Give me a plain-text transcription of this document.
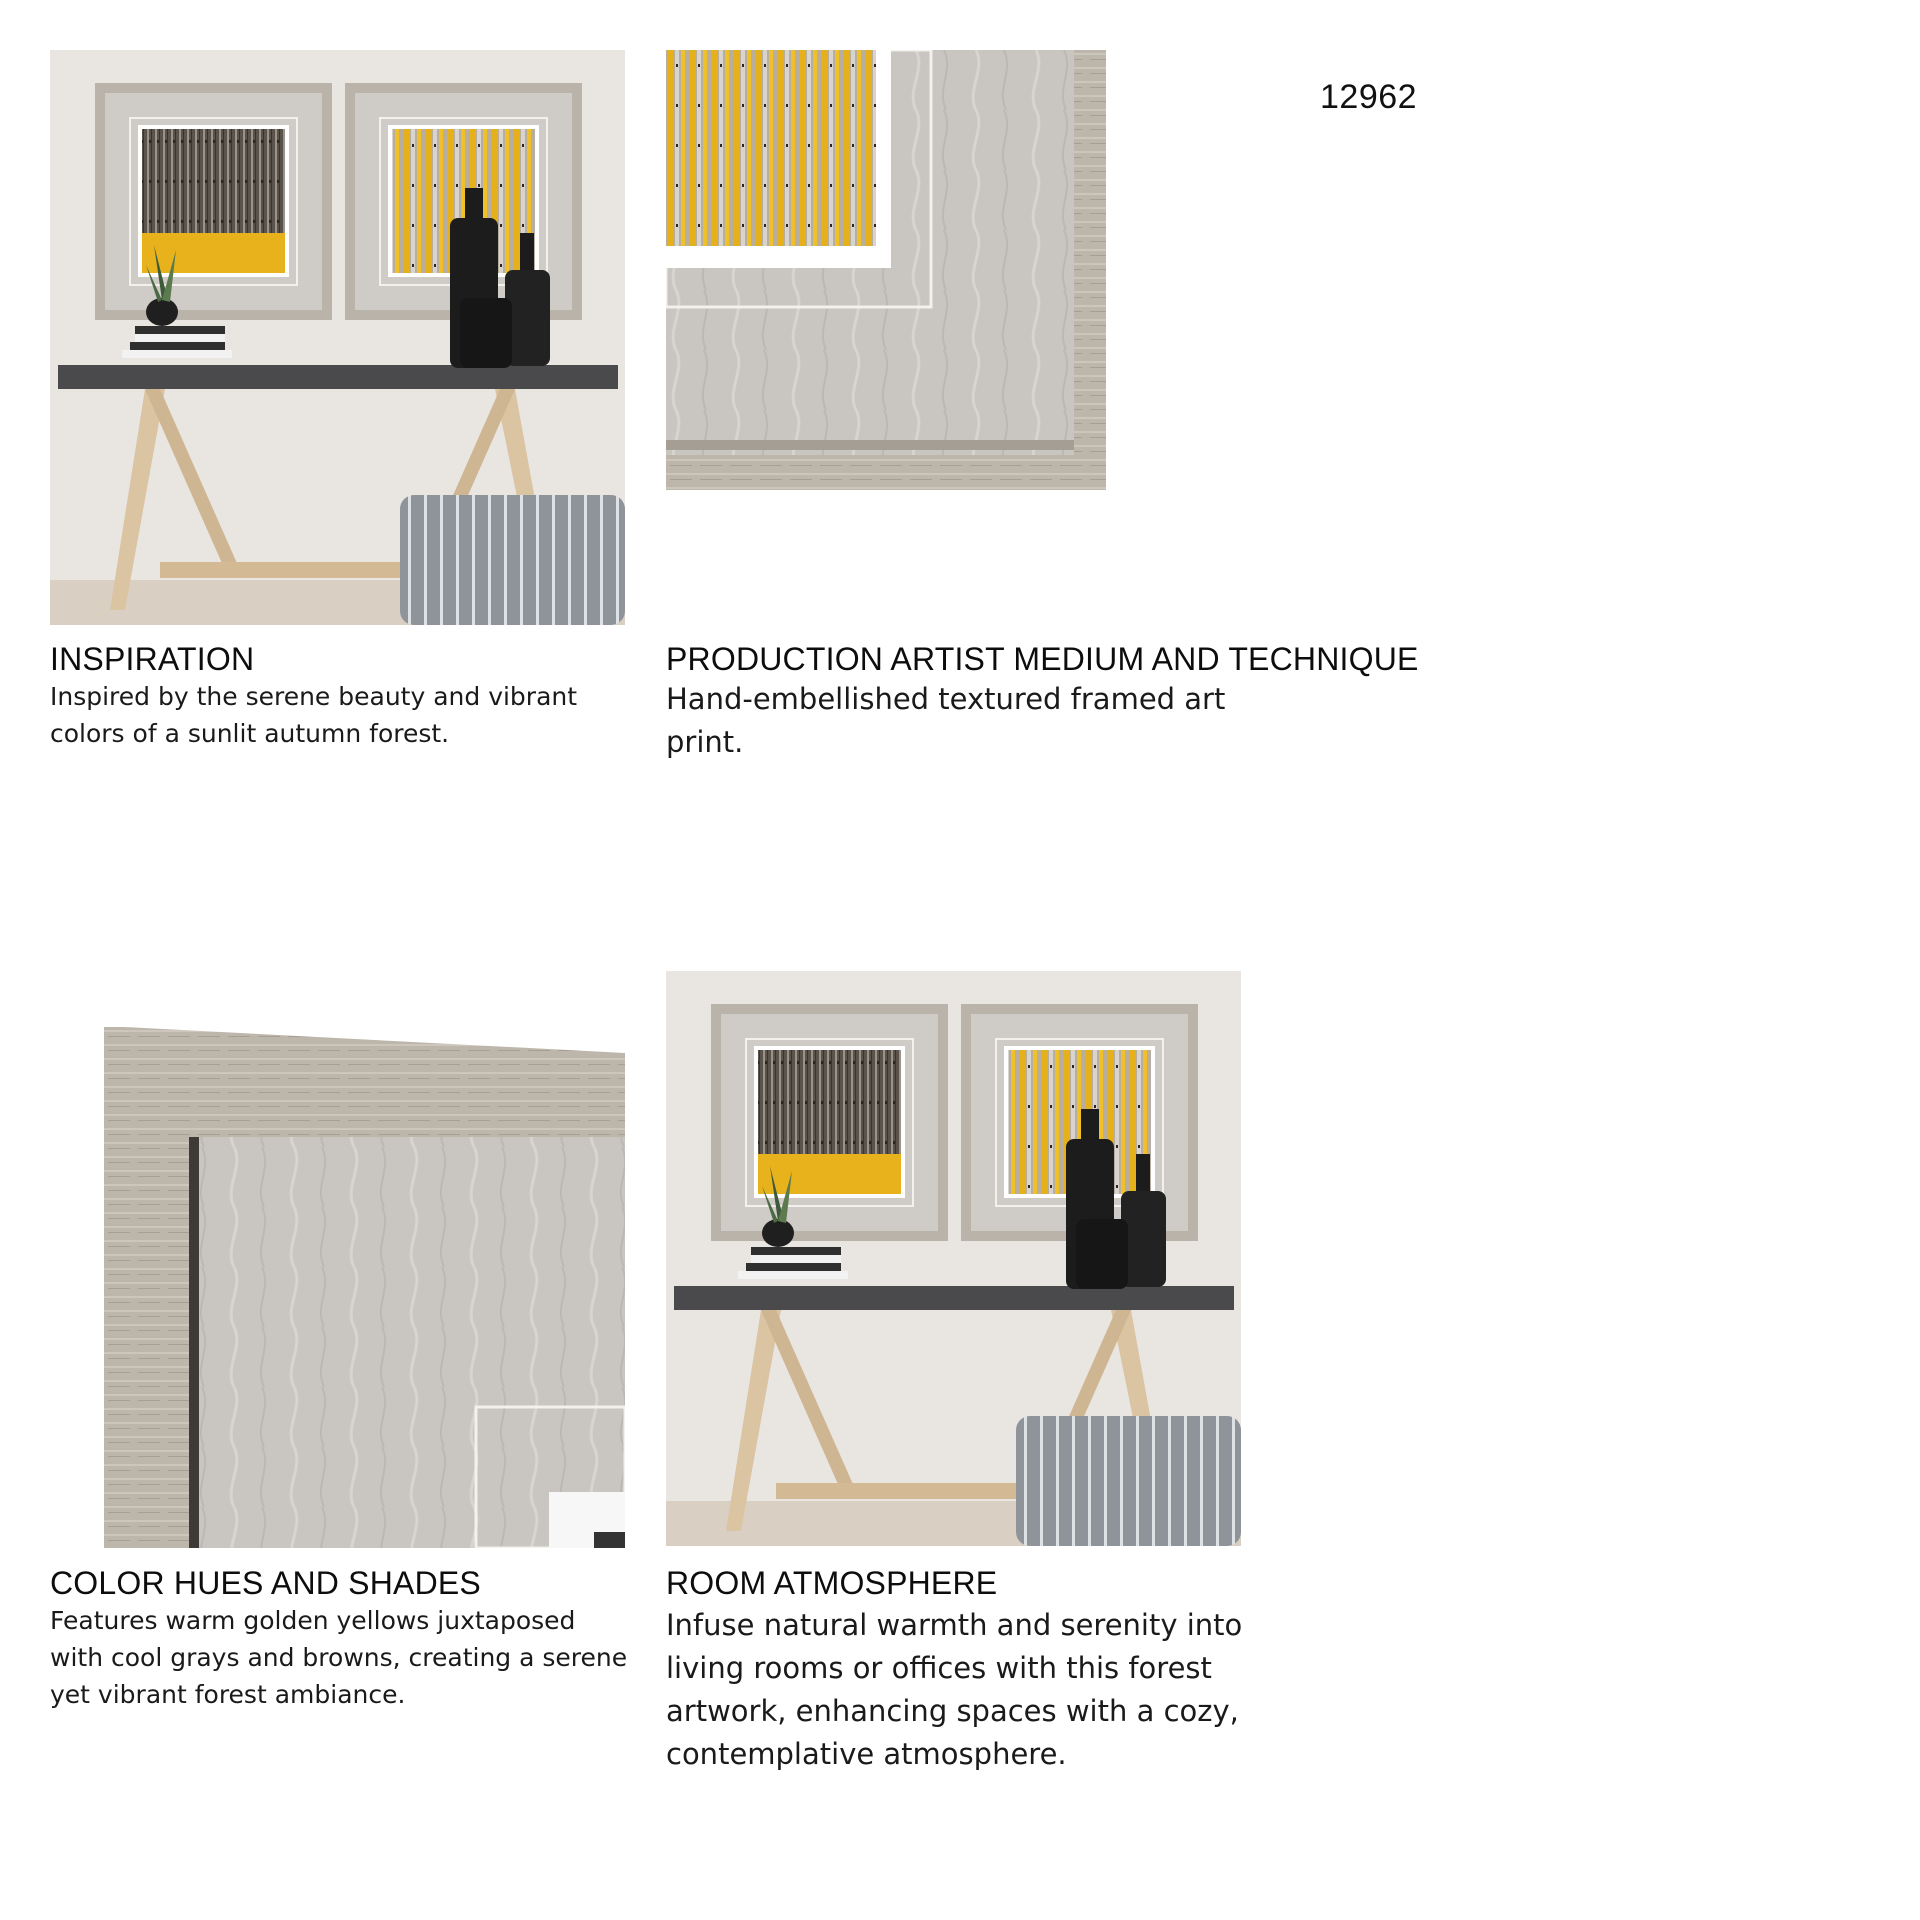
12962
INSPIRATION
Inspired by the serene beauty and vibrant
colors of a sunlit autumn forest.
PRODUCTION ARTIST MEDIUM AND TECHNIQUE
Hand-embellished textured framed art
print.
COLOR HUES AND SHADES
Features warm golden yellows juxtaposed
with cool grays and browns, creating a serene
yet vibrant forest ambiance.
ROOM ATMOSPHERE
Infuse natural warmth and serenity into
living rooms or offices with this forest
artwork, enhancing spaces with a cozy,
contemplative atmosphere.
